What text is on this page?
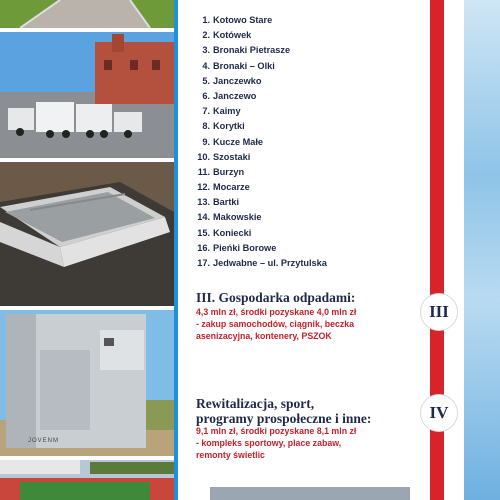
JOVENM
1. Kotowo Stare
2. Kotówek
3. Bronaki Pietrasze
4. Bronaki – Olki
5. Janczewko
6. Janczewo
7. Kaimy
8. Korytki
9. Kucze Małe
10. Szostaki
11. Burzyn
12. Mocarze
13. Bartki
14. Makowskie
15. Koniecki
16. Pieńki Borowe
17. Jedwabne – ul. Przytulska

III. Gospodarka odpadami:

4,3 mln zł, środki pozyskane 4,0 mln zł
- zakup samochodów, ciągnik, beczka
asenizacyjna, kontenery, PSZOK

Rewitalizacja, sport,
programy prospołeczne i inne:

9,1 mln zł, środki pozyskane 8,1 mln zł
- kompleks sportowy, place zabaw,
remonty świetlic
III
IV
